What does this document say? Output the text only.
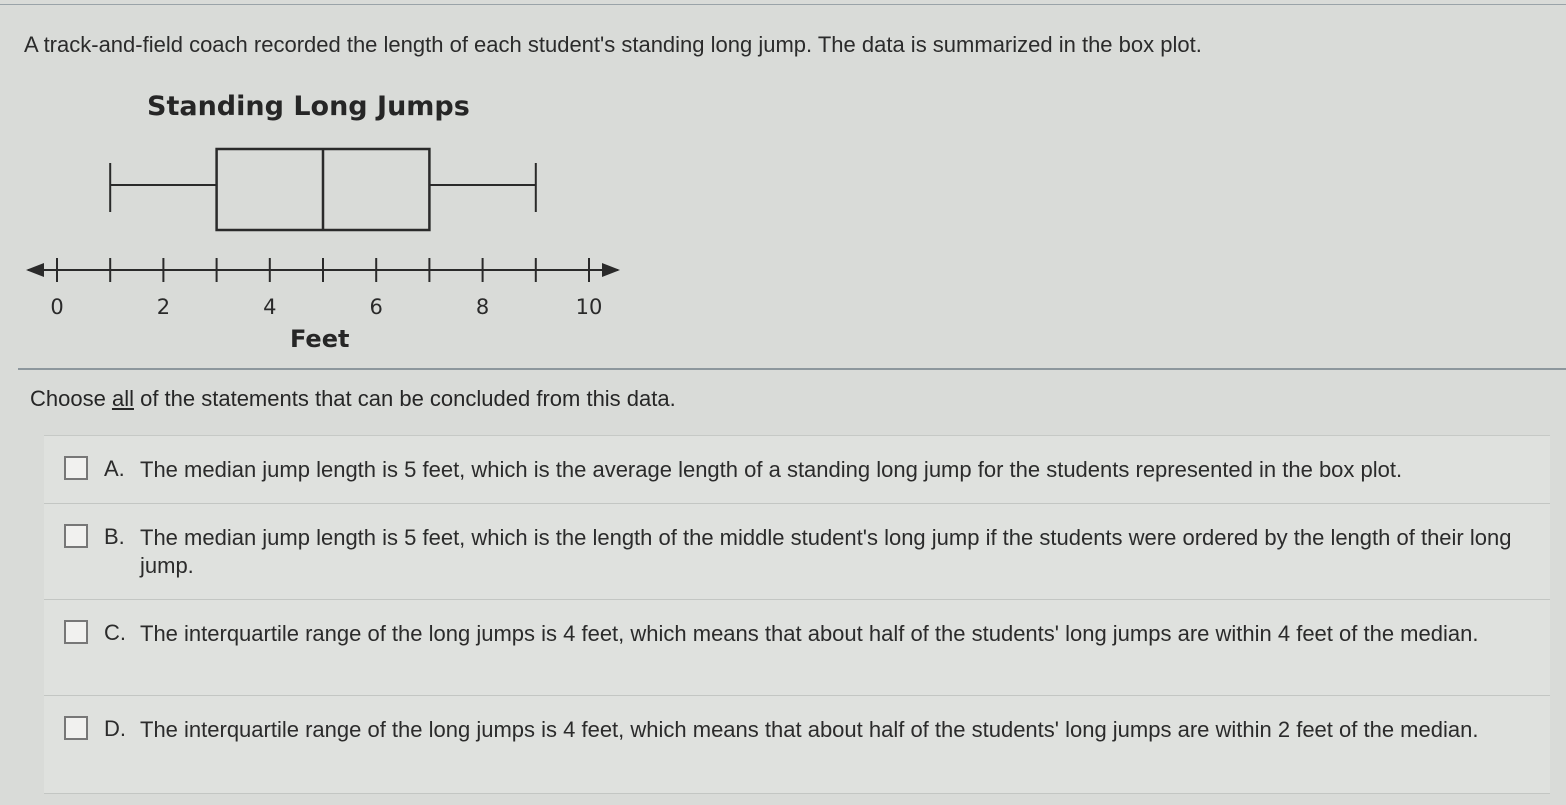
A track-and-field coach recorded the length of each student's standing long jump. The data is summarized in the box plot.
Standing Long Jumps
0	2	4	6	8	10
Feet
Choose all of the statements that can be concluded from this data.
A. The median jump length is 5 feet, which is the average length of a standing long jump for the students represented in the box plot.
B. The median jump length is 5 feet, which is the length of the middle student's long jump if the students were ordered by the length of their long jump.
C. The interquartile range of the long jumps is 4 feet, which means that about half of the students' long jumps are within 4 feet of the median.
D. The interquartile range of the long jumps is 4 feet, which means that about half of the students' long jumps are within 2 feet of the median.
